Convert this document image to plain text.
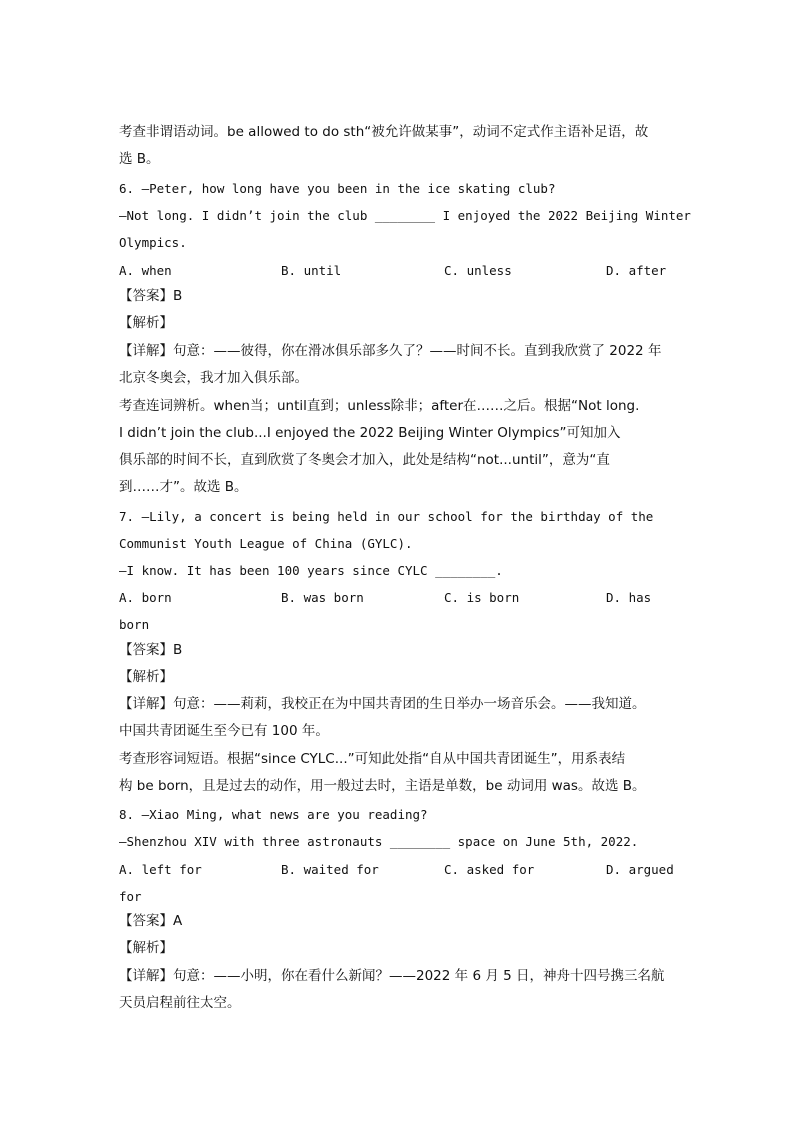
考查非谓语动词。be allowed to do sth“被允许做某事”，动词不定式作主语补足语，故
选 B。
6. —Peter, how long have you been in the ice skating club?
—Not long. I didn’t join the club ________ I enjoyed the 2022 Beijing Winter
Olympics.
A. when	B. until	C. unless	D. after
【答案】B
【解析】
【详解】句意：——彼得，你在滑冰俱乐部多久了？——时间不长。直到我欣赏了 2022 年
北京冬奥会，我才加入俱乐部。
考查连词辨析。when当；until直到；unless除非；after在……之后。根据“Not long.
I didn’t join the club...I enjoyed the 2022 Beijing Winter Olympics”可知加入
俱乐部的时间不长，直到欣赏了冬奥会才加入，此处是结构“not...until”，意为“直
到……才”。故选 B。
7. —Lily, a concert is being held in our school for the birthday of the
Communist Youth League of China (GYLC).
—I know. It has been 100 years since CYLC ________.
A. born	B. was born	C. is born	D. has
born
【答案】B
【解析】
【详解】句意：——莉莉，我校正在为中国共青团的生日举办一场音乐会。——我知道。
中国共青团诞生至今已有 100 年。
考查形容词短语。根据“since CYLC...”可知此处指“自从中国共青团诞生”，用系表结
构 be born，且是过去的动作，用一般过去时，主语是单数，be 动词用 was。故选 B。
8. —Xiao Ming, what news are you reading?
—Shenzhou XIV with three astronauts ________ space on June 5th, 2022.
A. left for	B. waited for	C. asked for	D. argued
for
【答案】A
【解析】
【详解】句意：——小明，你在看什么新闻？——2022 年 6 月 5 日，神舟十四号携三名航
天员启程前往太空。
